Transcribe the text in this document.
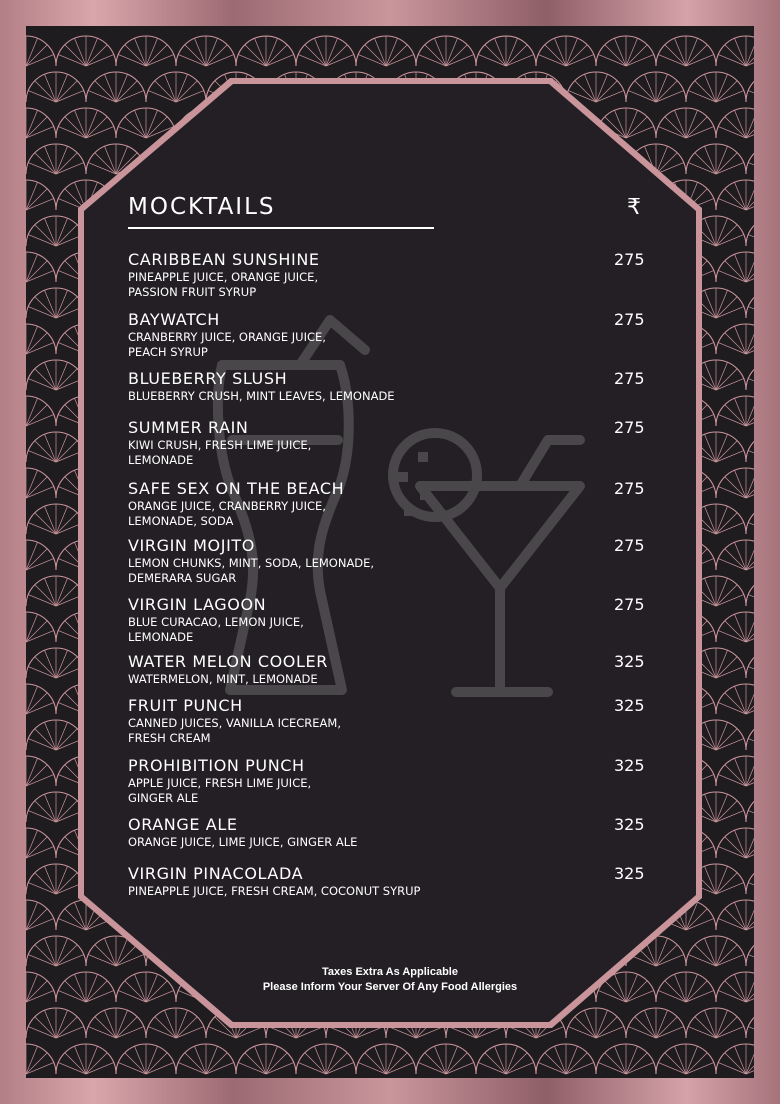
MOCKTAILS	₹
CARIBBEAN SUNSHINE	275
PINEAPPLE JUICE, ORANGE JUICE,
PASSION FRUIT SYRUP
BAYWATCH	275
CRANBERRY JUICE, ORANGE JUICE,
PEACH SYRUP
BLUEBERRY SLUSH	275
BLUEBERRY CRUSH, MINT LEAVES, LEMONADE
SUMMER RAIN	275
KIWI CRUSH, FRESH LIME JUICE,
LEMONADE
SAFE SEX ON THE BEACH	275
ORANGE JUICE, CRANBERRY JUICE,
LEMONADE, SODA
VIRGIN MOJITO	275
LEMON CHUNKS, MINT, SODA, LEMONADE,
DEMERARA SUGAR
VIRGIN LAGOON	275
BLUE CURACAO, LEMON JUICE,
LEMONADE
WATER MELON COOLER	325
WATERMELON, MINT, LEMONADE
FRUIT PUNCH	325
CANNED JUICES, VANILLA ICECREAM,
FRESH CREAM
PROHIBITION PUNCH	325
APPLE JUICE, FRESH LIME JUICE,
GINGER ALE
ORANGE ALE	325
ORANGE JUICE, LIME JUICE, GINGER ALE
VIRGIN PINACOLADA	325
PINEAPPLE JUICE, FRESH CREAM, COCONUT SYRUP
Taxes Extra As Applicable
Please Inform Your Server Of Any Food Allergies
